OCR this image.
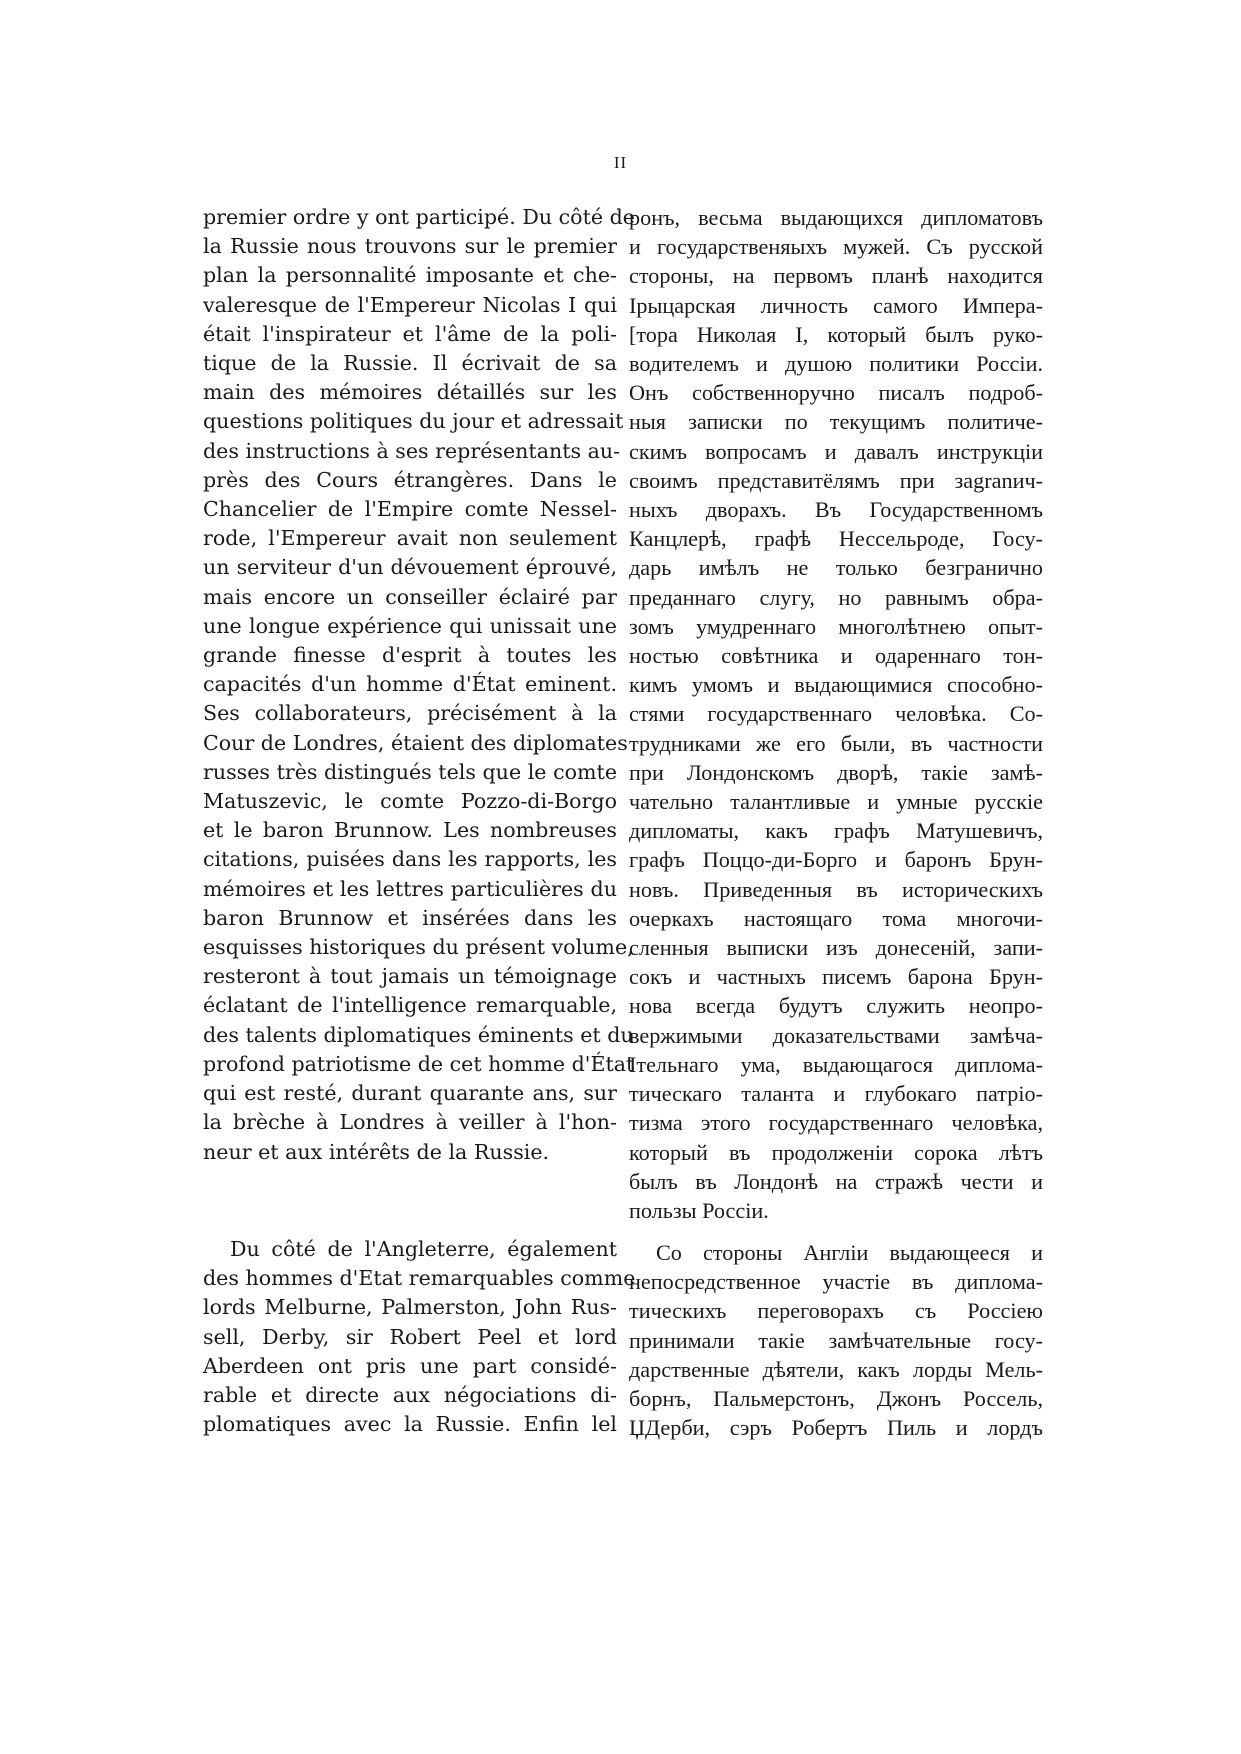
II
premier ordre y ont participé. Du côté de
la Russie nous trouvons sur le premier
plan la personnalité imposante et che-
valeresque de l'Empereur Nicolas I qui
était l'inspirateur et l'âme de la poli-
tique de la Russie. Il écrivait de sa
main des mémoires détaillés sur les
questions politiques du jour et adressait
des instructions à ses représentants au-
près des Cours étrangères. Dans le
Chancelier de l'Empire comte Nessel-
rode, l'Empereur avait non seulement
un serviteur d'un dévouement éprouvé,
mais encore un conseiller éclairé par
une longue expérience qui unissait une
grande finesse d'esprit à toutes les
capacités d'un homme d'État eminent.
Ses collaborateurs, précisément à la
Cour de Londres, étaient des diplomates
russes très distingués tels que le comte
Matuszevic, le comte Pozzo-di-Borgo
et le baron Brunnow. Les nombreuses
citations, puisées dans les rapports, les
mémoires et les lettres particulières du
baron Brunnow et insérées dans les
esquisses historiques du présent volume,
resteront à tout jamais un témoignage
éclatant de l'intelligence remarquable,
des talents diplomatiques éminents et du
profond patriotisme de cet homme d'État
qui est resté, durant quarante ans, sur
la brèche à Londres à veiller à l'hon-
neur et aux intérêts de la Russie.
ронъ, весьма выдающихся дипломатовъ
и государственяыхъ мужей. Съ русской
стороны, на первомъ планѣ находится
Ірыцарская личность самого Импера-
[тора Николая I, который былъ руко-
водителемъ и душою политики Россіи.
Онъ собственноручно писалъ подроб-
ныя записки по текущимъ политиче-
скимъ вопросамъ и давалъ инструкціи
своимъ представитёлямъ при заgranич-
ныхъ дворахъ. Въ Государственномъ
Канцлерѣ, графѣ Нессельроде, Госу-
дарь имѣлъ не только безгранично
преданнаго слугу, но равнымъ обра-
зомъ умудреннаго многолѣтнею опыт-
ностью совѣтника и одареннаго тон-
кимъ умомъ и выдающимися способно-
стями государственнаго человѣка. Со-
трудниками же его были, въ частности
при Лондонскомъ дворѣ, такіе замѣ-
чательно талантливые и умные русскіе
дипломаты, какъ графъ Матушевичъ,
графъ Поццо-ди-Борго и баронъ Брун-
новъ. Приведенныя въ историческихъ
очеркахъ настоящаго тома многочи-
сленныя выписки изъ донесеній, запи-
сокъ и частныхъ писемъ барона Брун-
нова всегда будутъ служить неопро-
вержимыми доказательствами замѣча-
Ітельнаго ума, выдающагося диплома-
тическаго таланта и глубокаго патріо-
тизма этого государственнаго человѣка,
который въ продолженіи сорока лѣтъ
былъ въ Лондонѣ на стражѣ чести и
пользы Россіи.
Du côté de l'Angleterre, également
des hommes d'Etat remarquables comme
lords Melburne, Palmerston, John Rus-
sell, Derby, sir Robert Peel et lord
Aberdeen ont pris une part considé-
rable et directe aux négociations di-
plomatiques avec la Russie. Enfin lel
Со стороны Англіи выдающееся и
непосредственное участіе въ диплома-
тическихъ переговорахъ съ Россіею
принимали такіе замѣчательные госу-
дарственные дѣятели, какъ лорды Мель-
борнъ, Пальмерстонъ, Джонъ Россель,
ЏДерби, сэръ Робертъ Пиль и лордъ
